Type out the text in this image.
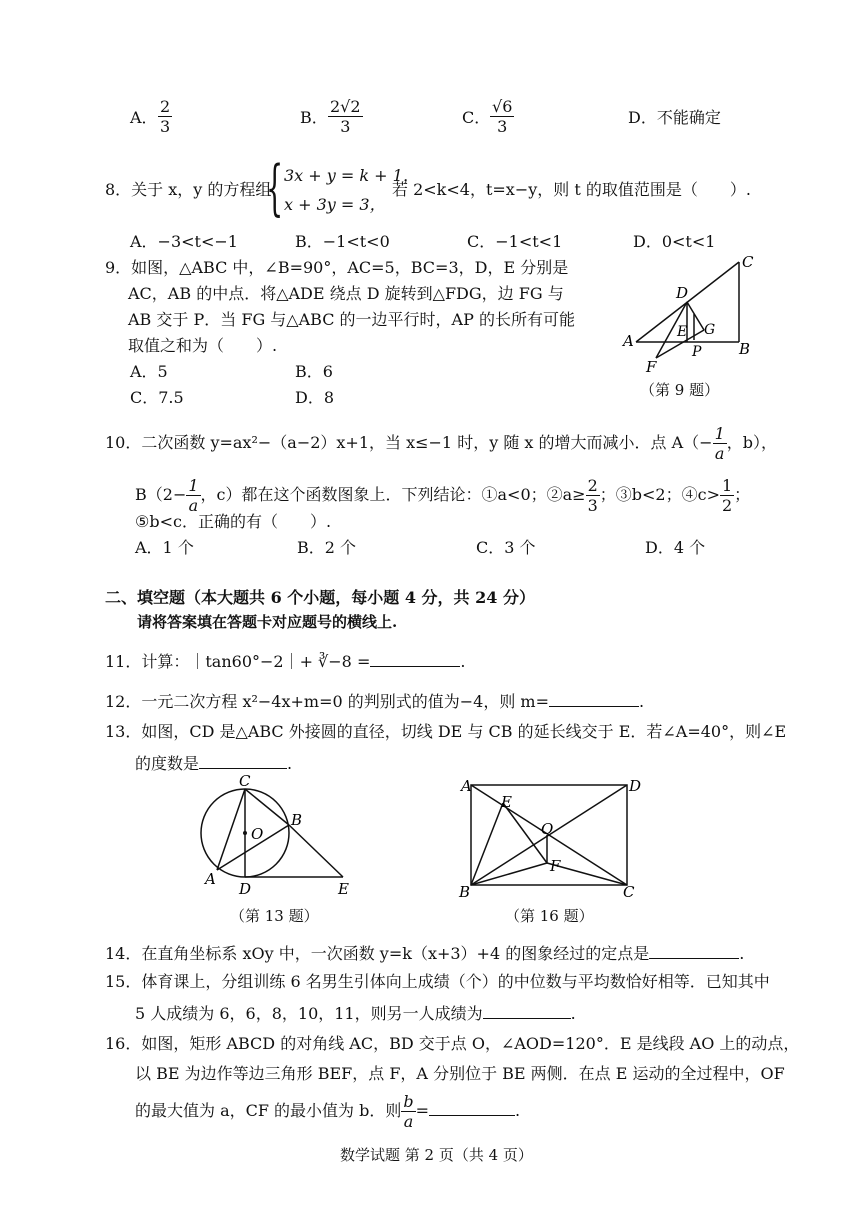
A． $\frac{2}{3}$	B． $\frac{2√2}{3}$	C． $\frac{√6}{3}$	D．不能确定
8．关于 x，y 的方程组
{ 3x + y = k + 1，
x + 3y = 3，
若 2<k<4，t=x−y，则 t 的取值范围是（　　）.
A．−3<t<−1	B．−1<t<0	C．−1<t<1	D．0<t<1
9．如图，△ABC 中，∠B=90°，AC=5，BC=3，D，E 分别是
AC，AB 的中点．将△ADE 绕点 D 旋转到△FDG，边 FG 与
AB 交于 P．当 FG 与△ABC 的一边平行时，AP 的长所有可能
取值之和为（　　）.
A．5	B．6
C．7.5	D．8
C
D
E G
A
P	B
F
（第 9 题）
10．二次函数 y=ax²−（a−2）x+1，当 x≤−1 时，y 随 x 的增大而减小．点 $A(- \frac{1}{a}$ ，b），
$B(2- \frac{1}{a}$ ，c）都在这个函数图象上．下列结论：①a<0；②a≥ $\frac{2}{3}$ ；③b<2；④c> $\frac{1}{2}$ ；
⑤b<c．正确的有（　　）.
A．1 个	B．2 个	C．3 个	D．4 个
二、填空题（本大题共 6 个小题，每小题 4 分，共 24 分）
请将答案填在答题卡对应题号的横线上.
11．计算：｜tan60°−2｜+ ∛−8 =	.
12．一元二次方程 x²−4x+m=0 的判别式的值为−4，则 m=	.
13．如图，CD 是△ABC 外接圆的直径，切线 DE 与 CB 的延长线交于 E．若∠A=40°，则∠E
的度数是	.
C
O
B
A
D	E
（第 13 题）
A	D
E
O
F
B	C
（第 16 题）
14．在直角坐标系 xOy 中，一次函数 y=k（x+3）+4 的图象经过的定点是	.
15．体育课上，分组训练 6 名男生引体向上成绩（个）的中位数与平均数恰好相等．已知其中
5 人成绩为 6，6，8，10，11，则另一人成绩为	.
16．如图，矩形 ABCD 的对角线 AC，BD 交于点 O，∠AOD=120°．E 是线段 AO 上的动点，
以 BE 为边作等边三角形 BEF，点 F，A 分别位于 BE 两侧．在点 E 运动的全过程中，OF
的最大值为 a，CF 的最小值为 b．则 $\frac{b}{a}$ =	.
数学试题 第 2 页（共 4 页）
